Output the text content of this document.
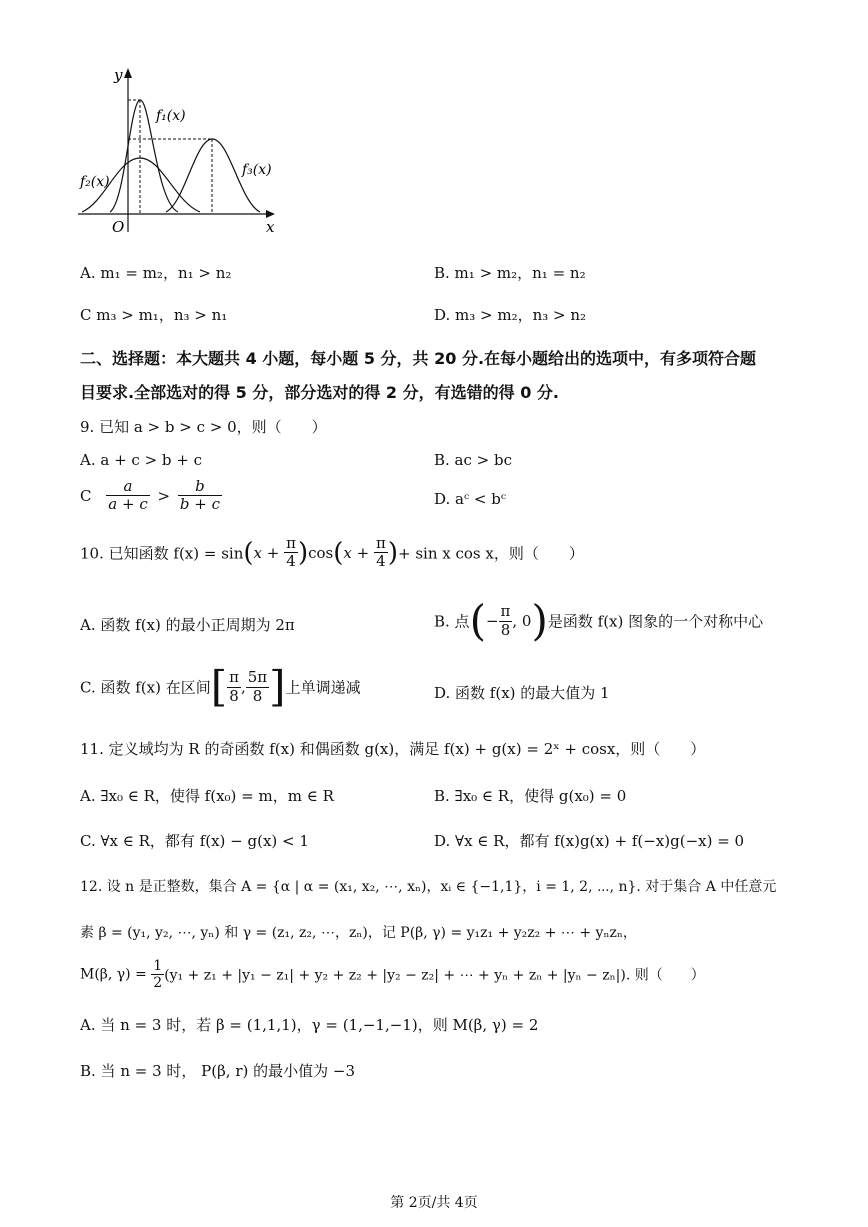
y
x
O
f₁(x)
f₂(x)
f₃(x)
A. m₁ = m₂，n₁ > n₂	B. m₁ > m₂，n₁ = n₂
C m₃ > m₁，n₃ > n₁	D. m₃ > m₂，n₃ > n₂
二、选择题：本大题共 4 小题，每小题 5 分，共 20 分.在每小题给出的选项中，有多项符合题
目要求.全部选对的得 5 分，部分选对的得 2 分，有选错的得 0 分.
9. 已知 a > b > c > 0，则（　　）
A. a + c > b + c	B. ac > bc
C $\frac{a}{a + c} > \frac{b}{b + c}$	D. aᶜ < bᶜ
10. 已知函数 $f(x) = \sin(x + \frac{\pi}{4} )\cos(x + \frac{\pi}{4}$ )+ sin x cos x，则（　　）
A. 函数 f(x) 的最小正周期为 2π	B. 点(− $\frac{\pi}{8}$ , 0)是函数 f(x) 图象的一个对称中心
C. 函数 f(x) 在区间[ $\frac{\pi}{8}$ , $\frac{5\pi}{8}$ ]上单调递减	D. 函数 f(x) 的最大值为 1
11. 定义域均为 R 的奇函数 f(x) 和偶函数 g(x)，满足 f(x) + g(x) = 2ˣ + cosx，则（　　）
A. ∃x₀ ∈ R，使得 f(x₀) = m，m ∈ R	B. ∃x₀ ∈ R，使得 g(x₀) = 0
C. ∀x ∈ R，都有 f(x) − g(x) < 1	D. ∀x ∈ R，都有 f(x)g(x) + f(−x)g(−x) = 0
12. 设 n 是正整数，集合 A = {α | α = (x₁, x₂, ⋯, xₙ)，xᵢ ∈ {−1,1}，i = 1, 2, ⋯, n}. 对于集合 A 中任意元
素 β = (y₁, y₂, ⋯, yₙ) 和 γ = (z₁, z₂, ⋯，zₙ)，记 P(β, γ) = y₁z₁ + y₂z₂ + ⋯ + yₙzₙ，
M(β, $\gamma) = \frac{1}{2} (y_1 + z_1 + |y_1 - z_1| + y_2 + z_2 + |y_2 - z_2|$ + ⋯ + yₙ + zₙ + |yₙ − zₙ|). 则（　　）
A. 当 n = 3 时，若 β = (1,1,1)，γ = (1,−1,−1)，则 M(β, γ) = 2
B. 当 n = 3 时， P(β, r) 的最小值为 −3
第 2页/共 4页
